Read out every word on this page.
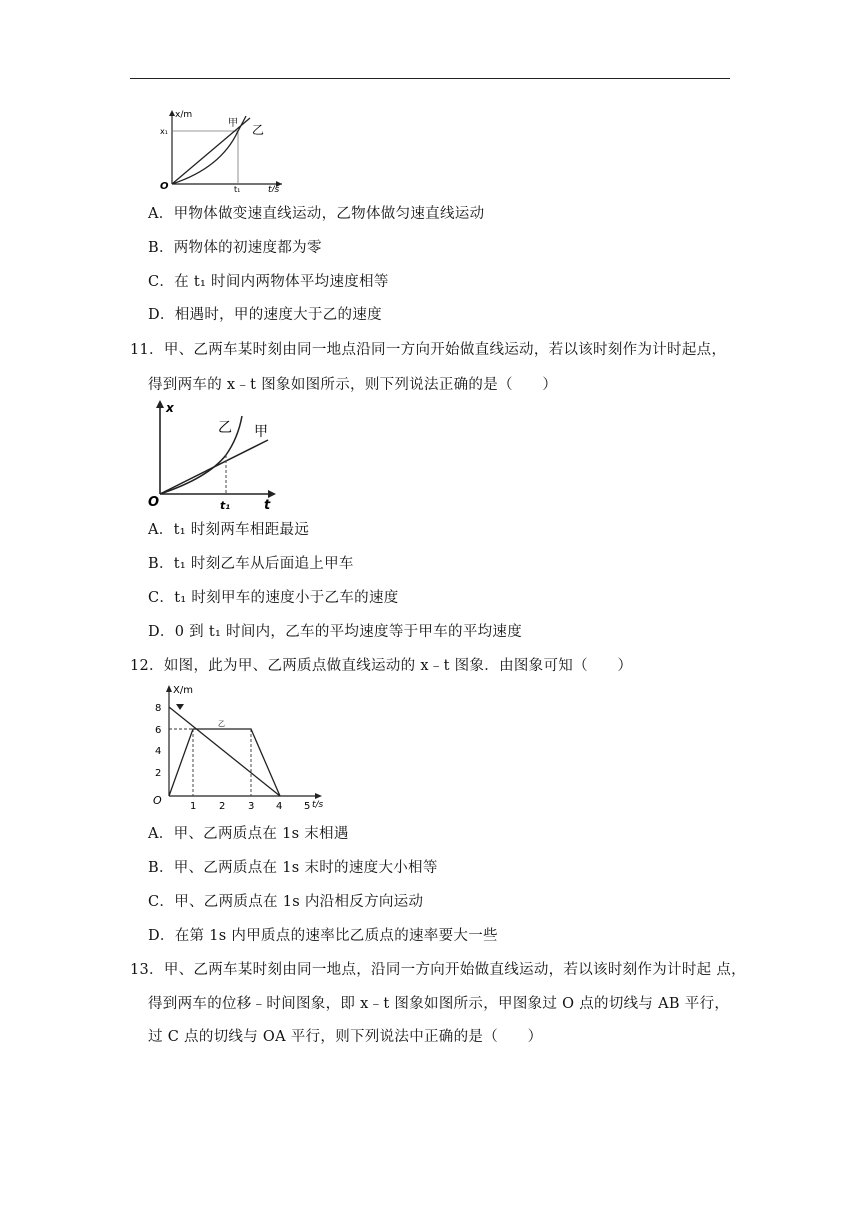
x/m
x₁
O	t₁	t/s
甲 乙
A．甲物体做变速直线运动，乙物体做匀速直线运动
B．两物体的初速度都为零
C．在 t₁ 时间内两物体平均速度相等
D．相遇时，甲的速度大于乙的速度
11．甲、乙两车某时刻由同一地点沿同一方向开始做直线运动，若以该时刻作为计时起点，
得到两车的 x﹣t 图象如图所示，则下列说法正确的是（　　）
x
O	t₁	t
乙 甲
A．t₁ 时刻两车相距最远
B．t₁ 时刻乙车从后面追上甲车
C．t₁ 时刻甲车的速度小于乙车的速度
D．0 到 t₁ 时间内，乙车的平均速度等于甲车的平均速度
12．如图，此为甲、乙两质点做直线运动的 x﹣t 图象．由图象可知（　　）
2
4
6
8
1 2 3 4 5
X/m
O	t/s
乙
A．甲、乙两质点在 1s 末相遇
B．甲、乙两质点在 1s 末时的速度大小相等
C．甲、乙两质点在 1s 内沿相反方向运动
D．在第 1s 内甲质点的速率比乙质点的速率要大一些
13．甲、乙两车某时刻由同一地点，沿同一方向开始做直线运动，若以该时刻作为计时起 点，
得到两车的位移﹣时间图象，即 x﹣t 图象如图所示，甲图象过 O 点的切线与 AB 平行，
过 C 点的切线与 OA 平行，则下列说法中正确的是（　　）
